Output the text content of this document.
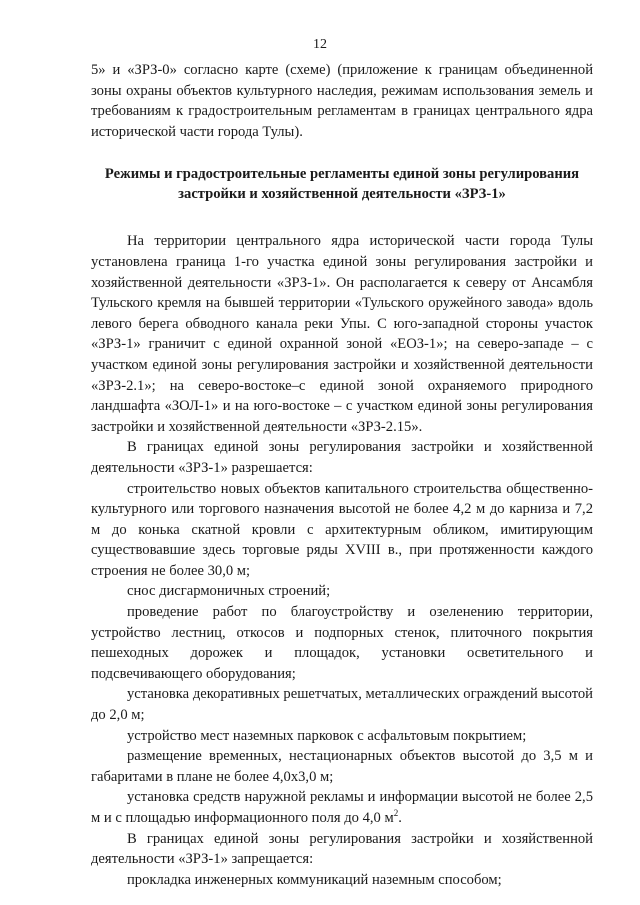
12

5» и «ЗРЗ-0» согласно карте (схеме) (приложение к границам объединенной зоны охраны объектов культурного наследия, режимам использования земель и требованиям к градостроительным регламентам в границах центрального ядра исторической части города Тулы).

Режимы и градостроительные регламенты единой зоны регулирования застройки и хозяйственной деятельности «ЗРЗ-1»

На территории центрального ядра исторической части города Тулы установлена граница 1-го участка единой зоны регулирования застройки и хозяйственной деятельности «ЗРЗ-1». Он располагается к северу от Ансамбля Тульского кремля на бывшей территории «Тульского оружейного завода» вдоль левого берега обводного канала реки Упы. С юго-западной стороны участок «ЗРЗ-1» граничит с единой охранной зоной «ЕОЗ-1»; на северо-западе – с участком единой зоны регулирования застройки и хозяйственной деятельности «ЗРЗ-2.1»; на северо-востоке–с единой зоной охраняемого природного ландшафта «ЗОЛ-1» и на юго-востоке – с участком единой зоны регулирования застройки и хозяйственной деятельности «ЗРЗ-2.15».

В границах единой зоны регулирования застройки и хозяйственной деятельности «ЗРЗ-1» разрешается:

строительство новых объектов капитального строительства общественно-культурного или торгового назначения высотой не более 4,2 м до карниза и 7,2 м до конька скатной кровли с архитектурным обликом, имитирующим существовавшие здесь торговые ряды XVIII в., при протяженности каждого строения не более 30,0 м;

снос дисгармоничных строений;

проведение работ по благоустройству и озеленению территории, устройство лестниц, откосов и подпорных стенок, плиточного покрытия пешеходных дорожек и площадок, установки осветительного и подсвечивающего оборудования;

установка декоративных решетчатых, металлических ограждений высотой до 2,0 м;

устройство мест наземных парковок с асфальтовым покрытием;

размещение временных, нестационарных объектов высотой до 3,5 м и габаритами в плане не более 4,0х3,0 м;

установка средств наружной рекламы и информации высотой не более 2,5 м и с площадью информационного поля до 4,0 $м^2$.

В границах единой зоны регулирования застройки и хозяйственной деятельности «ЗРЗ-1» запрещается:

прокладка инженерных коммуникаций наземным способом;
